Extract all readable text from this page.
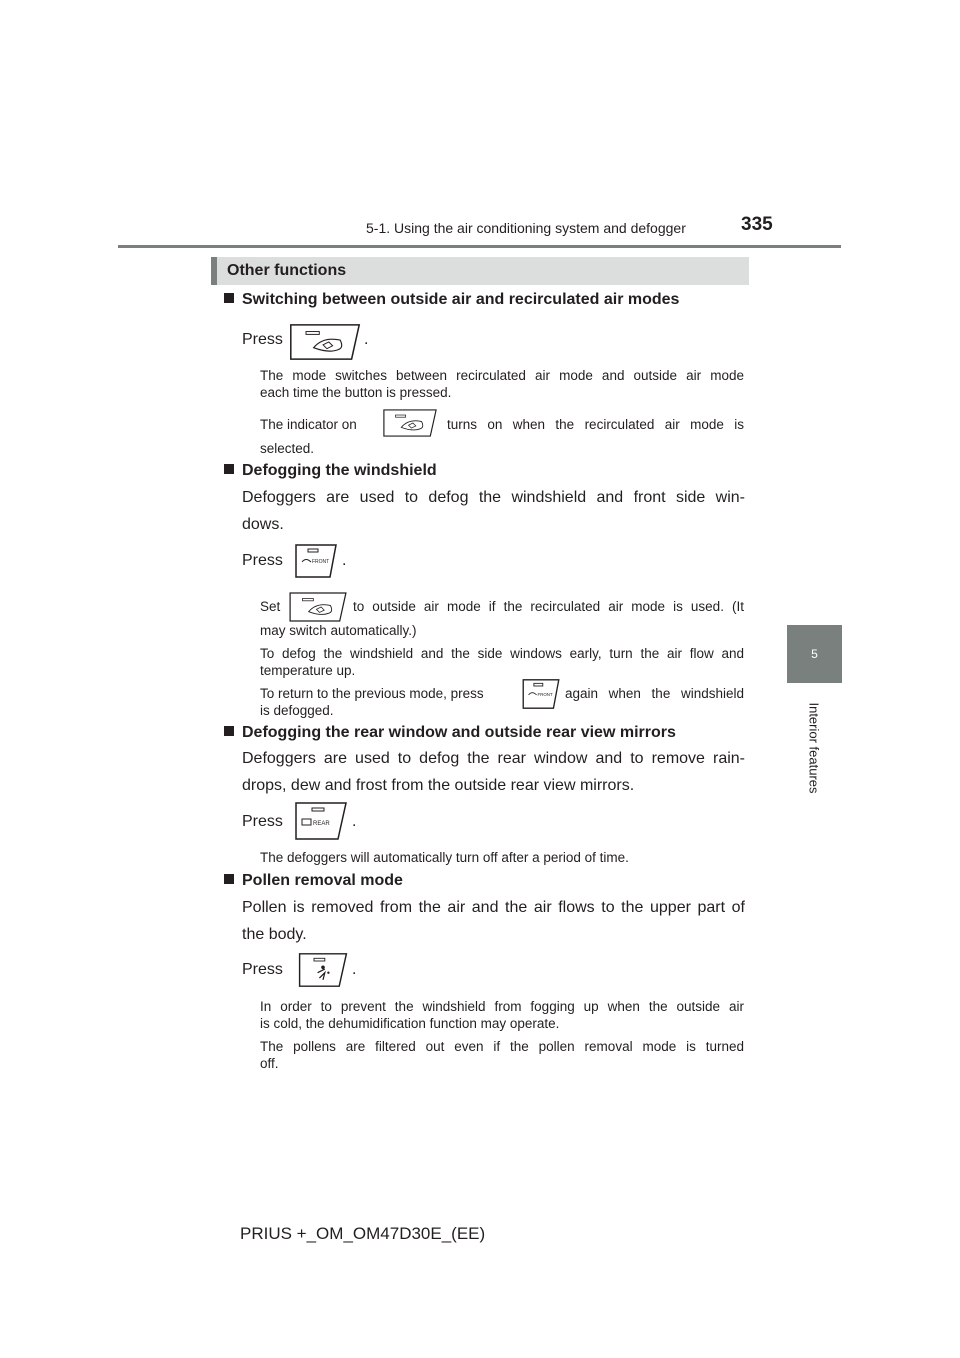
5-1. Using the air conditioning system and defogger	335
5
Interior features
Other functions
Switching between outside air and recirculated air modes
Press	.
The mode switches between recirculated air mode and outside air mode
each time the button is pressed.
The indicator on	turns on when the recirculated air mode is
selected.
Defogging the windshield
Defoggers are used to defog the windshield and front side win-
dows.
Press	FRONT .
Set	to outside air mode if the recirculated air mode is used. (It
may switch automatically.)
To defog the windshield and the side windows early, turn the air flow and
temperature up.
To return to the previous mode, press	FRONT again when the windshield
is defogged.
Defogging the rear window and outside rear view mirrors
Defoggers are used to defog the rear window and to remove rain-
drops, dew and frost from the outside rear view mirrors.
Press	REAR .
The defoggers will automatically turn off after a period of time.
Pollen removal mode
Pollen is removed from the air and the air flows to the upper part of
the body.
Press	.
In order to prevent the windshield from fogging up when the outside air
is cold, the dehumidification function may operate.
The pollens are filtered out even if the pollen removal mode is turned
off.
PRIUS +_OM_OM47D30E_(EE)
